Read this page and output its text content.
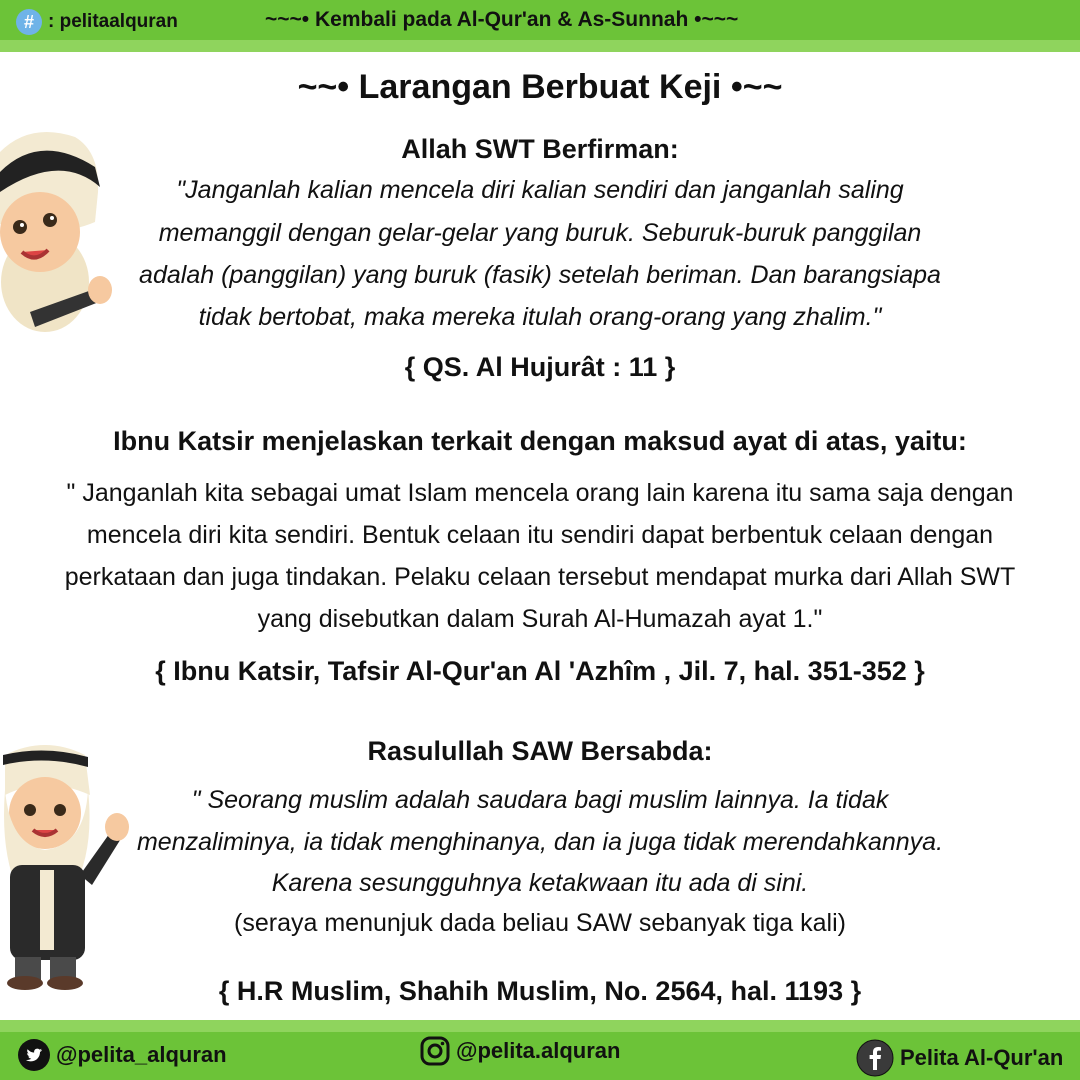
# : pelitaalquran	~~~• Kembali pada Al-Qur'an & As-Sunnah •~~~
~~• Larangan Berbuat Keji •~~
Allah SWT Berfirman:
"Janganlah kalian mencela diri kalian sendiri dan janganlah saling
memanggil dengan gelar-gelar yang buruk. Seburuk-buruk panggilan
adalah (panggilan) yang buruk (fasik) setelah beriman. Dan barangsiapa
tidak bertobat, maka mereka itulah orang-orang yang zhalim."
{ QS. Al Hujurât : 11 }
Ibnu Katsir menjelaskan terkait dengan maksud ayat di atas, yaitu:
" Janganlah kita sebagai umat Islam mencela orang lain karena itu sama saja dengan
mencela diri kita sendiri. Bentuk celaan itu sendiri dapat berbentuk celaan dengan
perkataan dan juga tindakan. Pelaku celaan tersebut mendapat murka dari Allah SWT
yang disebutkan dalam Surah Al-Humazah ayat 1."
{ Ibnu Katsir, Tafsir Al-Qur'an Al 'Azhîm , Jil. 7, hal. 351-352 }
Rasulullah SAW Bersabda:
" Seorang muslim adalah saudara bagi muslim lainnya. Ia tidak
menzaliminya, ia tidak menghinanya, dan ia juga tidak merendahkannya.
Karena sesungguhnya ketakwaan itu ada di sini.
(seraya menunjuk dada beliau SAW sebanyak tiga kali)
{ H.R Muslim, Shahih Muslim, No. 2564, hal. 1193 }
@pelita_alquran	@pelita.alquran	Pelita Al-Qur'an
